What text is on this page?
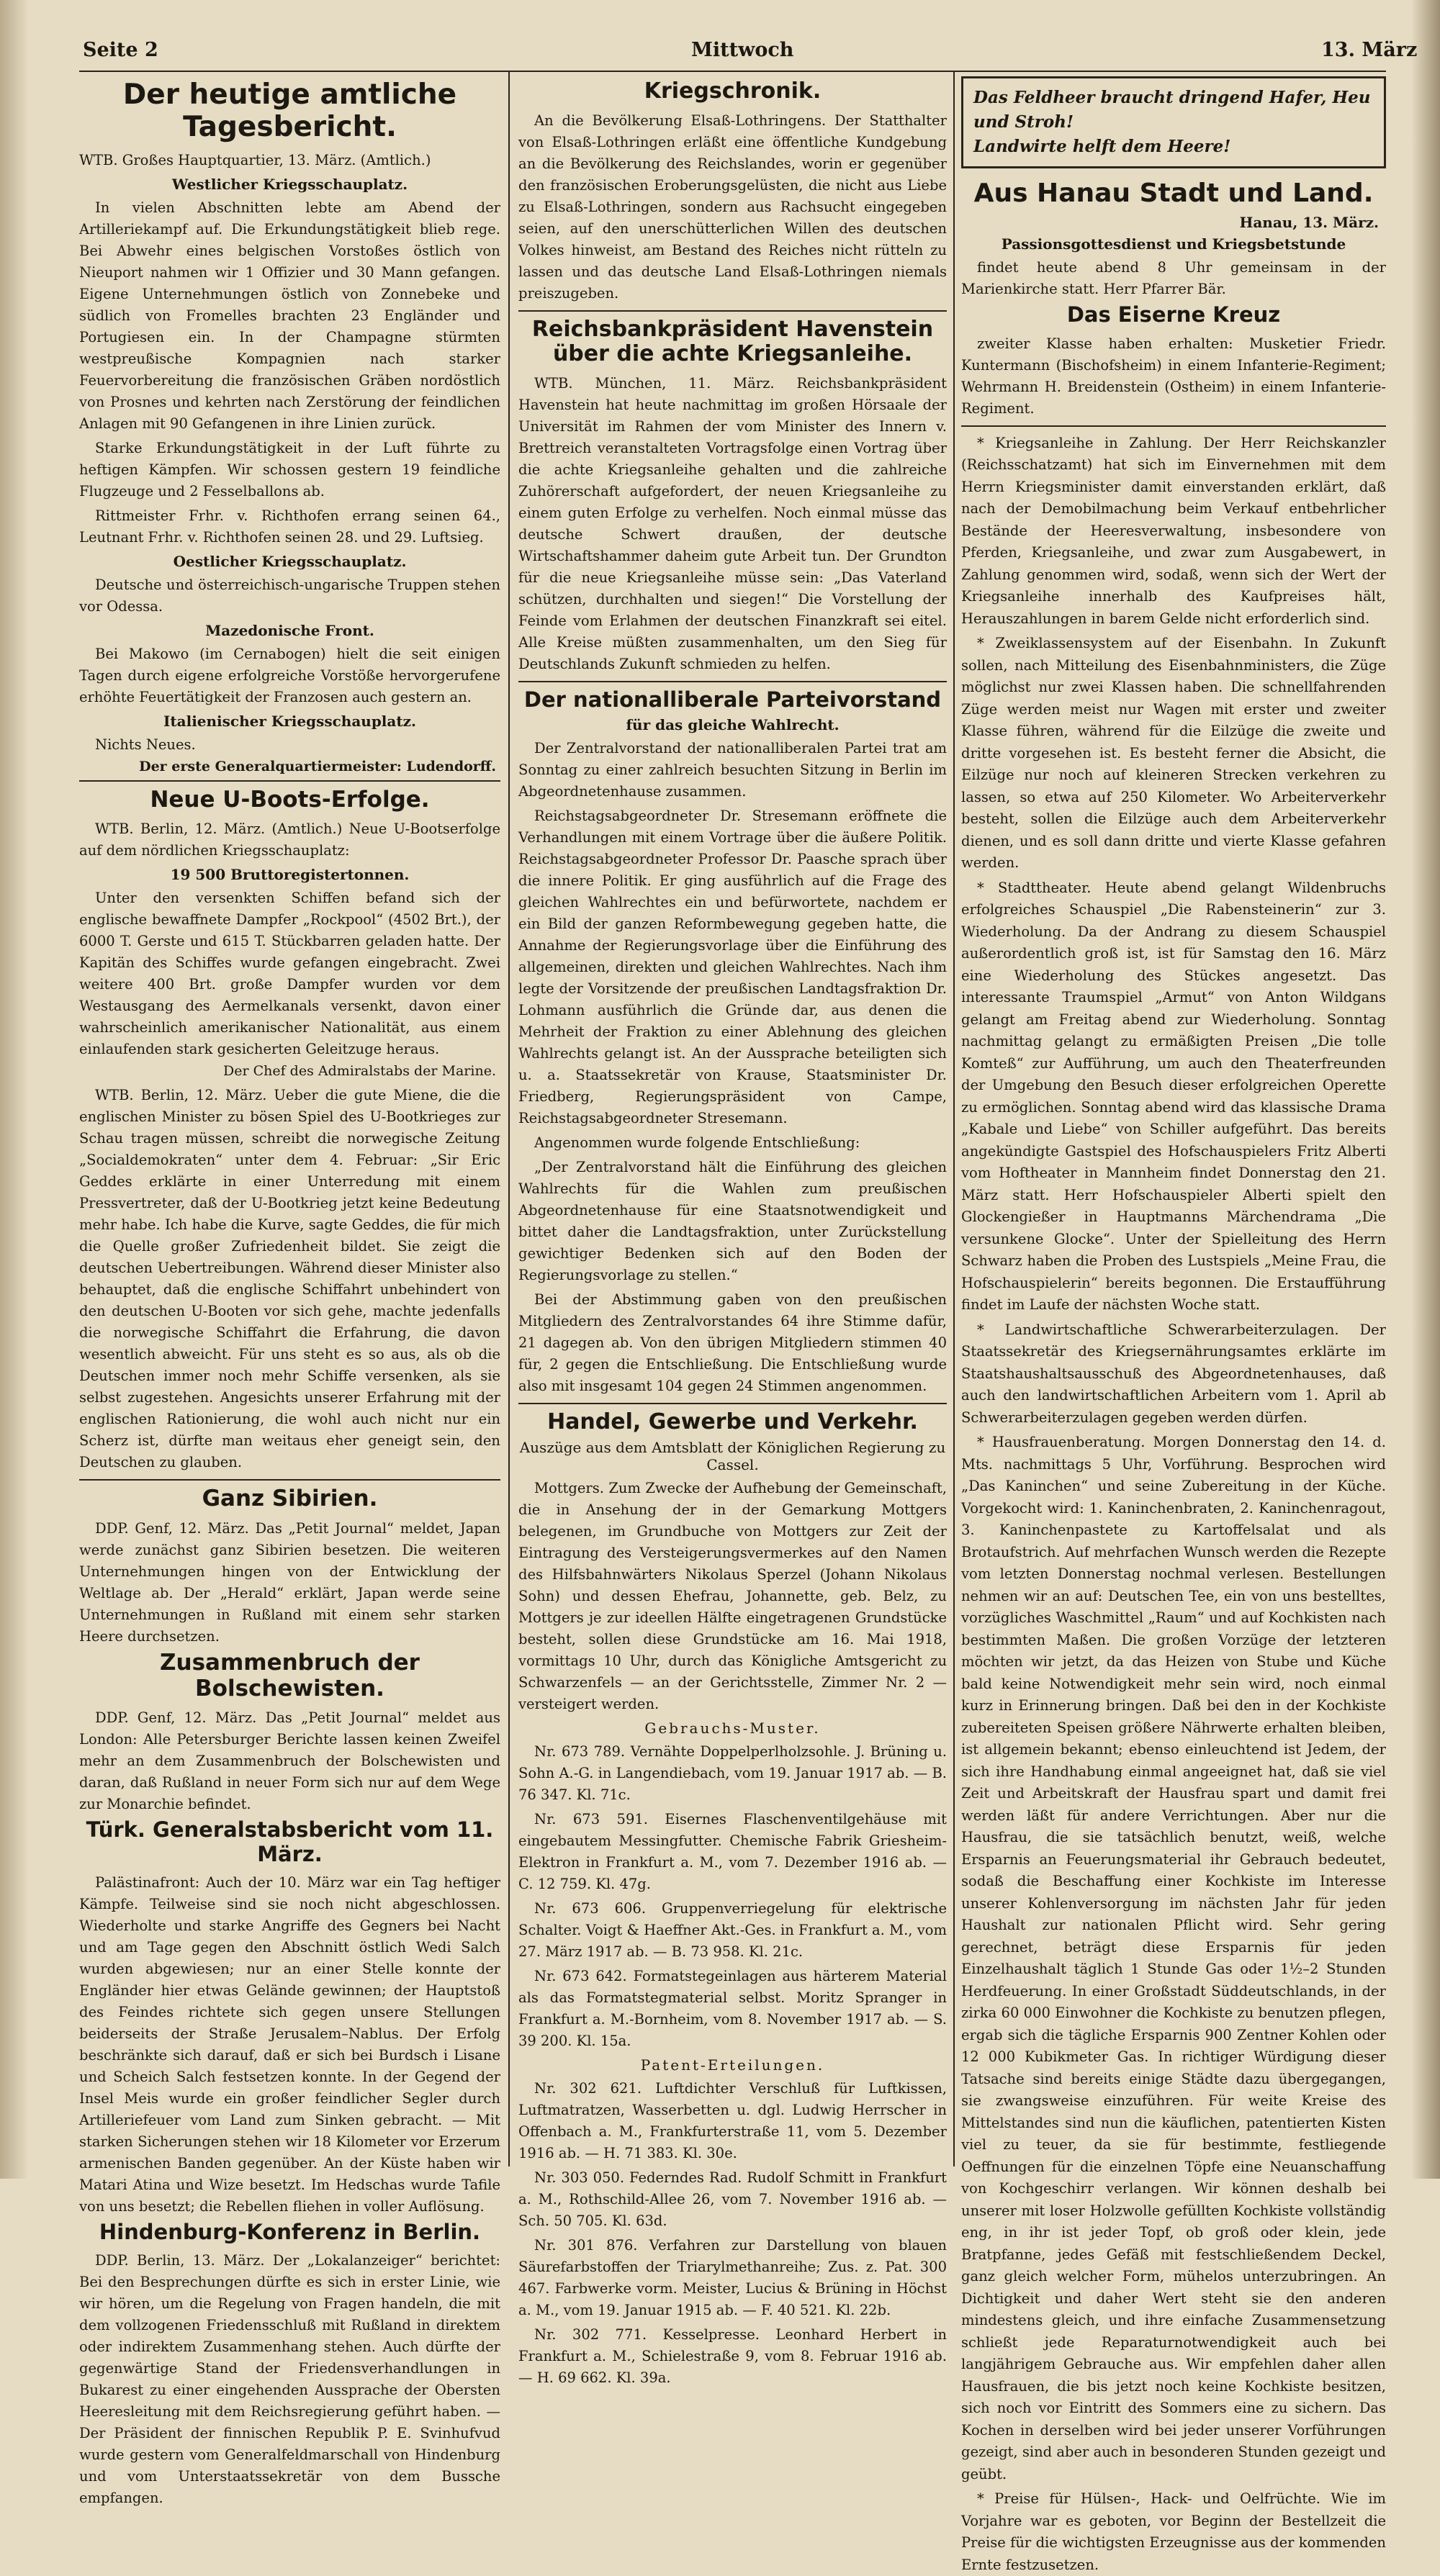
Seite 2	Mittwoch	13. März
Der heutige amtliche Tagesbericht.
WTB. Großes Hauptquartier, 13. März. (Amtlich.)
Westlicher Kriegsschauplatz.
In vielen Abschnitten lebte am Abend der Artilleriekampf auf. Die Erkundungstätigkeit blieb rege. Bei Abwehr eines belgischen Vorstoßes östlich von Nieuport nahmen wir 1 Offizier und 30 Mann gefangen. Eigene Unternehmungen östlich von Zonnebeke und südlich von Fromelles brachten 23 Engländer und Portugiesen ein. In der Champagne stürmten westpreußische Kompagnien nach starker Feuervorbereitung die französischen Gräben nordöstlich von Prosnes und kehrten nach Zerstörung der feindlichen Anlagen mit 90 Gefangenen in ihre Linien zurück.
Starke Erkundungstätigkeit in der Luft führte zu heftigen Kämpfen. Wir schossen gestern 19 feindliche Flugzeuge und 2 Fesselballons ab.
Rittmeister Frhr. v. Richthofen errang seinen 64., Leutnant Frhr. v. Richthofen seinen 28. und 29. Luftsieg.
Oestlicher Kriegsschauplatz.
Deutsche und österreichisch-ungarische Truppen stehen vor Odessa.
Mazedonische Front.
Bei Makowo (im Cernabogen) hielt die seit einigen Tagen durch eigene erfolgreiche Vorstöße hervorgerufene erhöhte Feuertätigkeit der Franzosen auch gestern an.
Italienischer Kriegsschauplatz.
Nichts Neues.
Der erste Generalquartiermeister: Ludendorff.
Neue U-Boots-Erfolge.
WTB. Berlin, 12. März. (Amtlich.) Neue U-Bootserfolge auf dem nördlichen Kriegsschauplatz:
19 500 Bruttoregistertonnen.
Unter den versenkten Schiffen befand sich der englische bewaffnete Dampfer „Rockpool“ (4502 Brt.), der 6000 T. Gerste und 615 T. Stückbarren geladen hatte. Der Kapitän des Schiffes wurde gefangen eingebracht. Zwei weitere 400 Brt. große Dampfer wurden vor dem Westausgang des Aermelkanals versenkt, davon einer wahrscheinlich amerikanischer Nationalität, aus einem einlaufenden stark gesicherten Geleitzuge heraus.
Der Chef des Admiralstabs der Marine.
WTB. Berlin, 12. März. Ueber die gute Miene, die die englischen Minister zu bösen Spiel des U-Bootkrieges zur Schau tragen müssen, schreibt die norwegische Zeitung „Socialdemokraten“ unter dem 4. Februar: „Sir Eric Geddes erklärte in einer Unterredung mit einem Pressvertreter, daß der U-Bootkrieg jetzt keine Bedeutung mehr habe. Ich habe die Kurve, sagte Geddes, die für mich die Quelle großer Zufriedenheit bildet. Sie zeigt die deutschen Uebertreibungen. Während dieser Minister also behauptet, daß die englische Schiffahrt unbehindert von den deutschen U-Booten vor sich gehe, machte jedenfalls die norwegische Schiffahrt die Erfahrung, die davon wesentlich abweicht. Für uns steht es so aus, als ob die Deutschen immer noch mehr Schiffe versenken, als sie selbst zugestehen. Angesichts unserer Erfahrung mit der englischen Rationierung, die wohl auch nicht nur ein Scherz ist, dürfte man weitaus eher geneigt sein, den Deutschen zu glauben.
Ganz Sibirien.
DDP. Genf, 12. März. Das „Petit Journal“ meldet, Japan werde zunächst ganz Sibirien besetzen. Die weiteren Unternehmungen hingen von der Entwicklung der Weltlage ab. Der „Herald“ erklärt, Japan werde seine Unternehmungen in Rußland mit einem sehr starken Heere durchsetzen.
Zusammenbruch der Bolschewisten.
DDP. Genf, 12. März. Das „Petit Journal“ meldet aus London: Alle Petersburger Berichte lassen keinen Zweifel mehr an dem Zusammenbruch der Bolschewisten und daran, daß Rußland in neuer Form sich nur auf dem Wege zur Monarchie befindet.
Türk. Generalstabsbericht vom 11. März.
Palästinafront: Auch der 10. März war ein Tag heftiger Kämpfe. Teilweise sind sie noch nicht abgeschlossen. Wiederholte und starke Angriffe des Gegners bei Nacht und am Tage gegen den Abschnitt östlich Wedi Salch wurden abgewiesen; nur an einer Stelle konnte der Engländer hier etwas Gelände gewinnen; der Hauptstoß des Feindes richtete sich gegen unsere Stellungen beiderseits der Straße Jerusalem–Nablus. Der Erfolg beschränkte sich darauf, daß er sich bei Burdsch i Lisane und Scheich Salch festsetzen konnte. In der Gegend der Insel Meis wurde ein großer feindlicher Segler durch Artilleriefeuer vom Land zum Sinken gebracht. — Mit starken Sicherungen stehen wir 18 Kilometer vor Erzerum armenischen Banden gegenüber. An der Küste haben wir Matari Atina und Wize besetzt. Im Hedschas wurde Tafile von uns besetzt; die Rebellen fliehen in voller Auflösung.
Hindenburg-Konferenz in Berlin.
DDP. Berlin, 13. März. Der „Lokalanzeiger“ berichtet: Bei den Besprechungen dürfte es sich in erster Linie, wie wir hören, um die Regelung von Fragen handeln, die mit dem vollzogenen Friedensschluß mit Rußland in direktem oder indirektem Zusammenhang stehen. Auch dürfte der gegenwärtige Stand der Friedensverhandlungen in Bukarest zu einer eingehenden Aussprache der Obersten Heeresleitung mit dem Reichsregierung geführt haben. — Der Präsident der finnischen Republik P. E. Svinhufvud wurde gestern vom Generalfeldmarschall von Hindenburg und vom Unterstaatssekretär von dem Bussche empfangen.
Kriegschronik.
An die Bevölkerung Elsaß-Lothringens. Der Statthalter von Elsaß-Lothringen erläßt eine öffentliche Kundgebung an die Bevölkerung des Reichslandes, worin er gegenüber den französischen Eroberungsgelüsten, die nicht aus Liebe zu Elsaß-Lothringen, sondern aus Rachsucht eingegeben seien, auf den unerschütterlichen Willen des deutschen Volkes hinweist, am Bestand des Reiches nicht rütteln zu lassen und das deutsche Land Elsaß-Lothringen niemals preiszugeben.
Reichsbankpräsident Havenstein über die achte Kriegsanleihe.
WTB. München, 11. März. Reichsbankpräsident Havenstein hat heute nachmittag im großen Hörsaale der Universität im Rahmen der vom Minister des Innern v. Brettreich veranstalteten Vortragsfolge einen Vortrag über die achte Kriegsanleihe gehalten und die zahlreiche Zuhörerschaft aufgefordert, der neuen Kriegsanleihe zu einem guten Erfolge zu verhelfen. Noch einmal müsse das deutsche Schwert draußen, der deutsche Wirtschaftshammer daheim gute Arbeit tun. Der Grundton für die neue Kriegsanleihe müsse sein: „Das Vaterland schützen, durchhalten und siegen!“ Die Vorstellung der Feinde vom Erlahmen der deutschen Finanzkraft sei eitel. Alle Kreise müßten zusammenhalten, um den Sieg für Deutschlands Zukunft schmieden zu helfen.
Der nationalliberale Parteivorstand
für das gleiche Wahlrecht.
Der Zentralvorstand der nationalliberalen Partei trat am Sonntag zu einer zahlreich besuchten Sitzung in Berlin im Abgeordnetenhause zusammen.
Reichstagsabgeordneter Dr. Stresemann eröffnete die Verhandlungen mit einem Vortrage über die äußere Politik. Reichstagsabgeordneter Professor Dr. Paasche sprach über die innere Politik. Er ging ausführlich auf die Frage des gleichen Wahlrechtes ein und befürwortete, nachdem er ein Bild der ganzen Reformbewegung gegeben hatte, die Annahme der Regierungsvorlage über die Einführung des allgemeinen, direkten und gleichen Wahlrechtes. Nach ihm legte der Vorsitzende der preußischen Landtagsfraktion Dr. Lohmann ausführlich die Gründe dar, aus denen die Mehrheit der Fraktion zu einer Ablehnung des gleichen Wahlrechts gelangt ist. An der Aussprache beteiligten sich u. a. Staatssekretär von Krause, Staatsminister Dr. Friedberg, Regierungspräsident von Campe, Reichstagsabgeordneter Stresemann.
Angenommen wurde folgende Entschließung:
„Der Zentralvorstand hält die Einführung des gleichen Wahlrechts für die Wahlen zum preußischen Abgeordnetenhause für eine Staatsnotwendigkeit und bittet daher die Landtagsfraktion, unter Zurückstellung gewichtiger Bedenken sich auf den Boden der Regierungsvorlage zu stellen.“
Bei der Abstimmung gaben von den preußischen Mitgliedern des Zentralvorstandes 64 ihre Stimme dafür, 21 dagegen ab. Von den übrigen Mitgliedern stimmen 40 für, 2 gegen die Entschließung. Die Entschließung wurde also mit insgesamt 104 gegen 24 Stimmen angenommen.
Handel, Gewerbe und Verkehr.
Auszüge aus dem Amtsblatt der Königlichen Regierung zu Cassel.
Mottgers. Zum Zwecke der Aufhebung der Gemeinschaft, die in Ansehung der in der Gemarkung Mottgers belegenen, im Grundbuche von Mottgers zur Zeit der Eintragung des Versteigerungsvermerkes auf den Namen des Hilfsbahnwärters Nikolaus Sperzel (Johann Nikolaus Sohn) und dessen Ehefrau, Johannette, geb. Belz, zu Mottgers je zur ideellen Hälfte eingetragenen Grundstücke besteht, sollen diese Grundstücke am 16. Mai 1918, vormittags 10 Uhr, durch das Königliche Amtsgericht zu Schwarzenfels — an der Gerichtsstelle, Zimmer Nr. 2 — versteigert werden.
Gebrauchs-Muster.
Nr. 673 789. Vernähte Doppelperlholzsohle. J. Brüning u. Sohn A.-G. in Langendiebach, vom 19. Januar 1917 ab. — B. 76 347. Kl. 71c.
Nr. 673 591. Eisernes Flaschenventilgehäuse mit eingebautem Messingfutter. Chemische Fabrik Griesheim-Elektron in Frankfurt a. M., vom 7. Dezember 1916 ab. — C. 12 759. Kl. 47g.
Nr. 673 606. Gruppenverriegelung für elektrische Schalter. Voigt & Haeffner Akt.-Ges. in Frankfurt a. M., vom 27. März 1917 ab. — B. 73 958. Kl. 21c.
Nr. 673 642. Formatstegeinlagen aus härterem Material als das Formatstegmaterial selbst. Moritz Spranger in Frankfurt a. M.-Bornheim, vom 8. November 1917 ab. — S. 39 200. Kl. 15a.
Patent-Erteilungen.
Nr. 302 621. Luftdichter Verschluß für Luftkissen, Luftmatratzen, Wasserbetten u. dgl. Ludwig Herrscher in Offenbach a. M., Frankfurterstraße 11, vom 5. Dezember 1916 ab. — H. 71 383. Kl. 30e.
Nr. 303 050. Federndes Rad. Rudolf Schmitt in Frankfurt a. M., Rothschild-Allee 26, vom 7. November 1916 ab. — Sch. 50 705. Kl. 63d.
Nr. 301 876. Verfahren zur Darstellung von blauen Säurefarbstoffen der Triarylmethanreihe; Zus. z. Pat. 300 467. Farbwerke vorm. Meister, Lucius & Brüning in Höchst a. M., vom 19. Januar 1915 ab. — F. 40 521. Kl. 22b.
Nr. 302 771. Kesselpresse. Leonhard Herbert in Frankfurt a. M., Schielestraße 9, vom 8. Februar 1916 ab. — H. 69 662. Kl. 39a.
Das Feldheer braucht dringend Hafer, Heu und Stroh!
Landwirte helft dem Heere!
Aus Hanau Stadt und Land.
Hanau, 13. März.
Passionsgottesdienst und Kriegsbetstunde
findet heute abend 8 Uhr gemeinsam in der Marienkirche statt. Herr Pfarrer Bär.
Das Eiserne Kreuz
zweiter Klasse haben erhalten: Musketier Friedr. Kuntermann (Bischofsheim) in einem Infanterie-Regiment; Wehrmann H. Breidenstein (Ostheim) in einem Infanterie-Regiment.
* Kriegsanleihe in Zahlung. Der Herr Reichskanzler (Reichsschatzamt) hat sich im Einvernehmen mit dem Herrn Kriegsminister damit einverstanden erklärt, daß nach der Demobilmachung beim Verkauf entbehrlicher Bestände der Heeresverwaltung, insbesondere von Pferden, Kriegsanleihe, und zwar zum Ausgabewert, in Zahlung genommen wird, sodaß, wenn sich der Wert der Kriegsanleihe innerhalb des Kaufpreises hält, Herauszahlungen in barem Gelde nicht erforderlich sind.
* Zweiklassensystem auf der Eisenbahn. In Zukunft sollen, nach Mitteilung des Eisenbahnministers, die Züge möglichst nur zwei Klassen haben. Die schnellfahrenden Züge werden meist nur Wagen mit erster und zweiter Klasse führen, während für die Eilzüge die zweite und dritte vorgesehen ist. Es besteht ferner die Absicht, die Eilzüge nur noch auf kleineren Strecken verkehren zu lassen, so etwa auf 250 Kilometer. Wo Arbeiterverkehr besteht, sollen die Eilzüge auch dem Arbeiterverkehr dienen, und es soll dann dritte und vierte Klasse gefahren werden.
* Stadttheater. Heute abend gelangt Wildenbruchs erfolgreiches Schauspiel „Die Rabensteinerin“ zur 3. Wiederholung. Da der Andrang zu diesem Schauspiel außerordentlich groß ist, ist für Samstag den 16. März eine Wiederholung des Stückes angesetzt. Das interessante Traumspiel „Armut“ von Anton Wildgans gelangt am Freitag abend zur Wiederholung. Sonntag nachmittag gelangt zu ermäßigten Preisen „Die tolle Komteß“ zur Aufführung, um auch den Theaterfreunden der Umgebung den Besuch dieser erfolgreichen Operette zu ermöglichen. Sonntag abend wird das klassische Drama „Kabale und Liebe“ von Schiller aufgeführt. Das bereits angekündigte Gastspiel des Hofschauspielers Fritz Alberti vom Hoftheater in Mannheim findet Donnerstag den 21. März statt. Herr Hofschauspieler Alberti spielt den Glockengießer in Hauptmanns Märchendrama „Die versunkene Glocke“. Unter der Spielleitung des Herrn Schwarz haben die Proben des Lustspiels „Meine Frau, die Hofschauspielerin“ bereits begonnen. Die Erstaufführung findet im Laufe der nächsten Woche statt.
* Landwirtschaftliche Schwerarbeiterzulagen. Der Staatssekretär des Kriegsernährungsamtes erklärte im Staatshaushaltsausschuß des Abgeordnetenhauses, daß auch den landwirtschaftlichen Arbeitern vom 1. April ab Schwerarbeiterzulagen gegeben werden dürfen.
* Hausfrauenberatung. Morgen Donnerstag den 14. d. Mts. nachmittags 5 Uhr, Vorführung. Besprochen wird „Das Kaninchen“ und seine Zubereitung in der Küche. Vorgekocht wird: 1. Kaninchenbraten, 2. Kaninchenragout, 3. Kaninchenpastete zu Kartoffelsalat und als Brotaufstrich. Auf mehrfachen Wunsch werden die Rezepte vom letzten Donnerstag nochmal verlesen. Bestellungen nehmen wir an auf: Deutschen Tee, ein von uns bestelltes, vorzügliches Waschmittel „Raum“ und auf Kochkisten nach bestimmten Maßen. Die großen Vorzüge der letzteren möchten wir jetzt, da das Heizen von Stube und Küche bald keine Notwendigkeit mehr sein wird, noch einmal kurz in Erinnerung bringen. Daß bei den in der Kochkiste zubereiteten Speisen größere Nährwerte erhalten bleiben, ist allgemein bekannt; ebenso einleuchtend ist Jedem, der sich ihre Handhabung einmal angeeignet hat, daß sie viel Zeit und Arbeitskraft der Hausfrau spart und damit frei werden läßt für andere Verrichtungen. Aber nur die Hausfrau, die sie tatsächlich benutzt, weiß, welche Ersparnis an Feuerungsmaterial ihr Gebrauch bedeutet, sodaß die Beschaffung einer Kochkiste im Interesse unserer Kohlenversorgung im nächsten Jahr für jeden Haushalt zur nationalen Pflicht wird. Sehr gering gerechnet, beträgt diese Ersparnis für jeden Einzelhaushalt täglich 1 Stunde Gas oder 1½–2 Stunden Herdfeuerung. In einer Großstadt Süddeutschlands, in der zirka 60 000 Einwohner die Kochkiste zu benutzen pflegen, ergab sich die tägliche Ersparnis 900 Zentner Kohlen oder 12 000 Kubikmeter Gas. In richtiger Würdigung dieser Tatsache sind bereits einige Städte dazu übergegangen, sie zwangsweise einzuführen. Für weite Kreise des Mittelstandes sind nun die käuflichen, patentierten Kisten viel zu teuer, da sie für bestimmte, festliegende Oeffnungen für die einzelnen Töpfe eine Neuanschaffung von Kochgeschirr verlangen. Wir können deshalb bei unserer mit loser Holzwolle gefüllten Kochkiste vollständig eng, in ihr ist jeder Topf, ob groß oder klein, jede Bratpfanne, jedes Gefäß mit festschließendem Deckel, ganz gleich welcher Form, mühelos unterzubringen. An Dichtigkeit und daher Wert steht sie den anderen mindestens gleich, und ihre einfache Zusammensetzung schließt jede Reparaturnotwendigkeit auch bei langjährigem Gebrauche aus. Wir empfehlen daher allen Hausfrauen, die bis jetzt noch keine Kochkiste besitzen, sich noch vor Eintritt des Sommers eine zu sichern. Das Kochen in derselben wird bei jeder unserer Vorführungen gezeigt, sind aber auch in besonderen Stunden gezeigt und geübt.
* Preise für Hülsen-, Hack- und Oelfrüchte. Wie im Vorjahre war es geboten, vor Beginn der Bestellzeit die Preise für die wichtigsten Erzeugnisse aus der kommenden Ernte festzusetzen.
